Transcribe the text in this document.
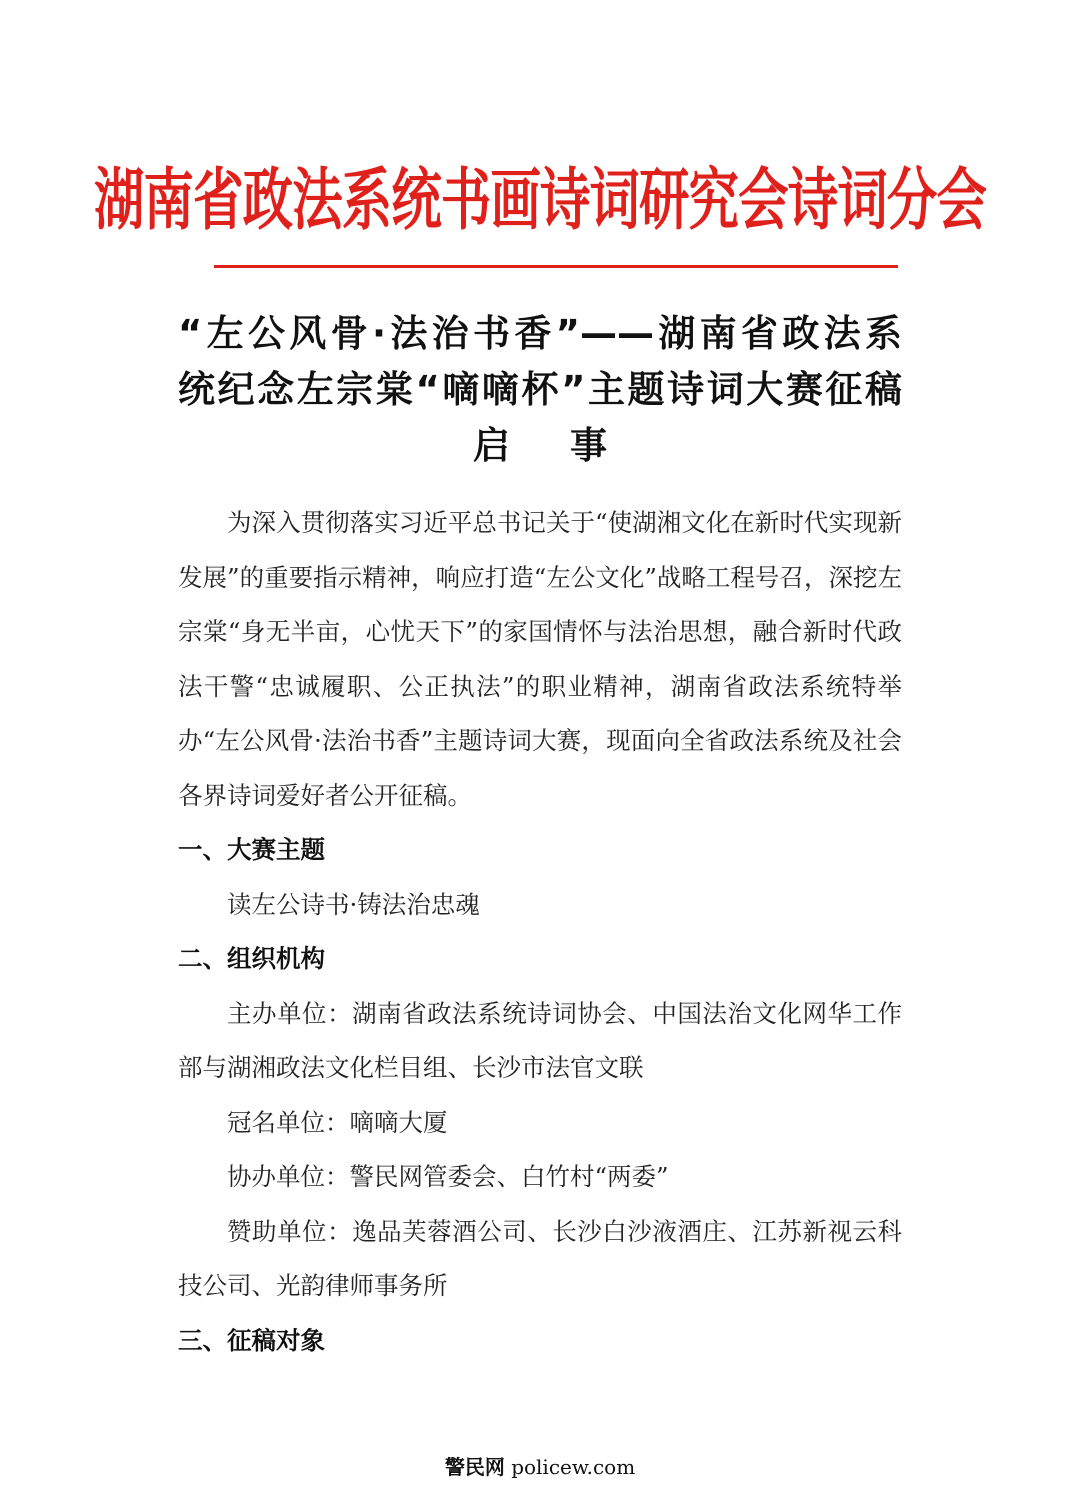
湖南省政法系统书画诗词研究会诗词分会
“左公风骨·法治书香”——湖南省政法系
统纪念左宗棠“嘀嘀杯”主题诗词大赛征稿
启事

为深入贯彻落实习近平总书记关于“使湖湘文化在新时代实现新发展”的重要指示精神，响应打造“左公文化”战略工程号召，深挖左宗棠“身无半亩，心忧天下”的家国情怀与法治思想，融合新时代政法干警“忠诚履职、公正执法”的职业精神，湖南省政法系统特举办“左公风骨·法治书香”主题诗词大赛，现面向全省政法系统及社会各界诗词爱好者公开征稿。

一、大赛主题

读左公诗书·铸法治忠魂

二、组织机构

主办单位：湖南省政法系统诗词协会、中国法治文化网华工作部与湖湘政法文化栏目组、长沙市法官文联

冠名单位：嘀嘀大厦

协办单位：警民网管委会、白竹村“两委”

赞助单位：逸品芙蓉酒公司、长沙白沙液酒庄、江苏新视云科技公司、光韵律师事务所

三、征稿对象
警民网 policew.com
